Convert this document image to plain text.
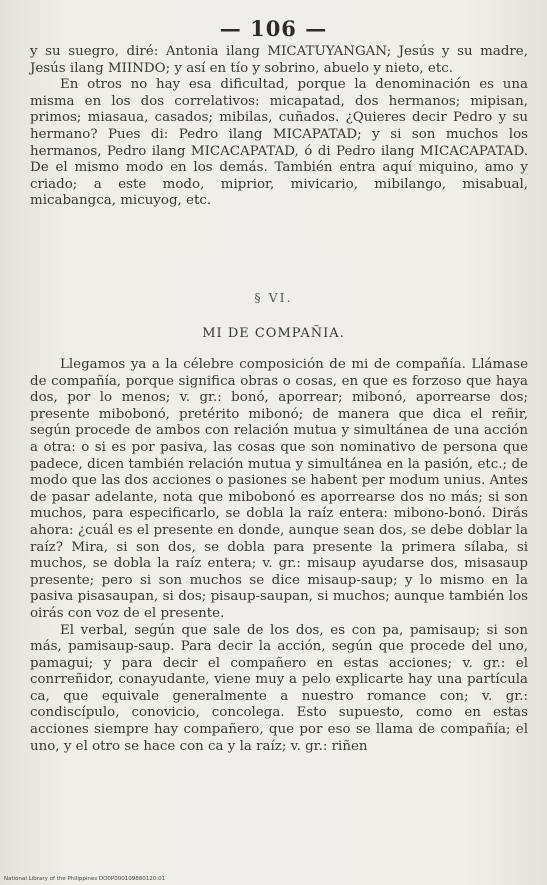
— 106 —

y su suegro, diré: Antonia ilang MICATUYANGAN; Jesús y su madre, Jesús ilang MIINDO; y así en tío y sobrino, abuelo y nieto, etc.

En otros no hay esa dificultad, porque la denominación es una misma en los dos correlativos: micapatad, dos hermanos; mipisan, primos; miasaua, casados; mibilas, cuñados. ¿Quieres decir Pedro y su hermano? Pues di: Pedro ilang MICAPATAD; y si son muchos los hermanos, Pedro ilang MICACAPATAD, ó di Pedro ilang MICACAPATAD. De el mismo modo en los demás. También entra aquí miquino, amo y criado; a este modo, miprior, mivicario, mibilango, misabual, micabangca, micuyog, etc.

§ VI.
MI DE COMPAÑIA.

Llegamos ya a la célebre composición de mi de compañía. Llámase de compañía, porque significa obras o cosas, en que es forzoso que haya dos, por lo menos; v. gr.: bonó, aporrear; mibonó, aporrearse dos; presente mibobonó, pretérito mibonó; de manera que dica el reñir, según procede de ambos con relación mutua y simultánea de una acción a otra: o si es por pasiva, las cosas que son nominativo de persona que padece, dicen también relación mutua y simultánea en la pasión, etc.; de modo que las dos acciones o pasiones se habent per modum unius. Antes de pasar adelante, nota que mibobonó es aporrearse dos no más; si son muchos, para especificarlo, se dobla la raíz entera: mibono-bonó. Dirás ahora: ¿cuál es el presente en donde, aunque sean dos, se debe doblar la raíz? Mira, si son dos, se dobla para presente la primera sílaba, si muchos, se dobla la raíz entera; v. gr.: misaup ayudarse dos, misasaup presente; pero si son muchos se dice misaup-saup; y lo mismo en la pasiva pisasaupan, si dos; pisaup-saupan, si muchos; aunque también los oirás con voz de el presente.

El verbal, según que sale de los dos, es con pa, pamisaup; si son más, pamisaup-saup. Para decir la acción, según que procede del uno, pamagui; y para decir el compañero en estas acciones; v. gr.: el conrreñidor, conayudante, viene muy a pelo explicarte hay una partícula ca, que equivale generalmente a nuestro romance con; v. gr.: condiscípulo, conovicio, concolega. Esto supuesto, como en estas acciones siempre hay compañero, que por eso se llama de compañía; el uno, y el otro se hace con ca y la raíz; v. gr.: riñen

National Library of the Philippines DO0P000109880120:01
